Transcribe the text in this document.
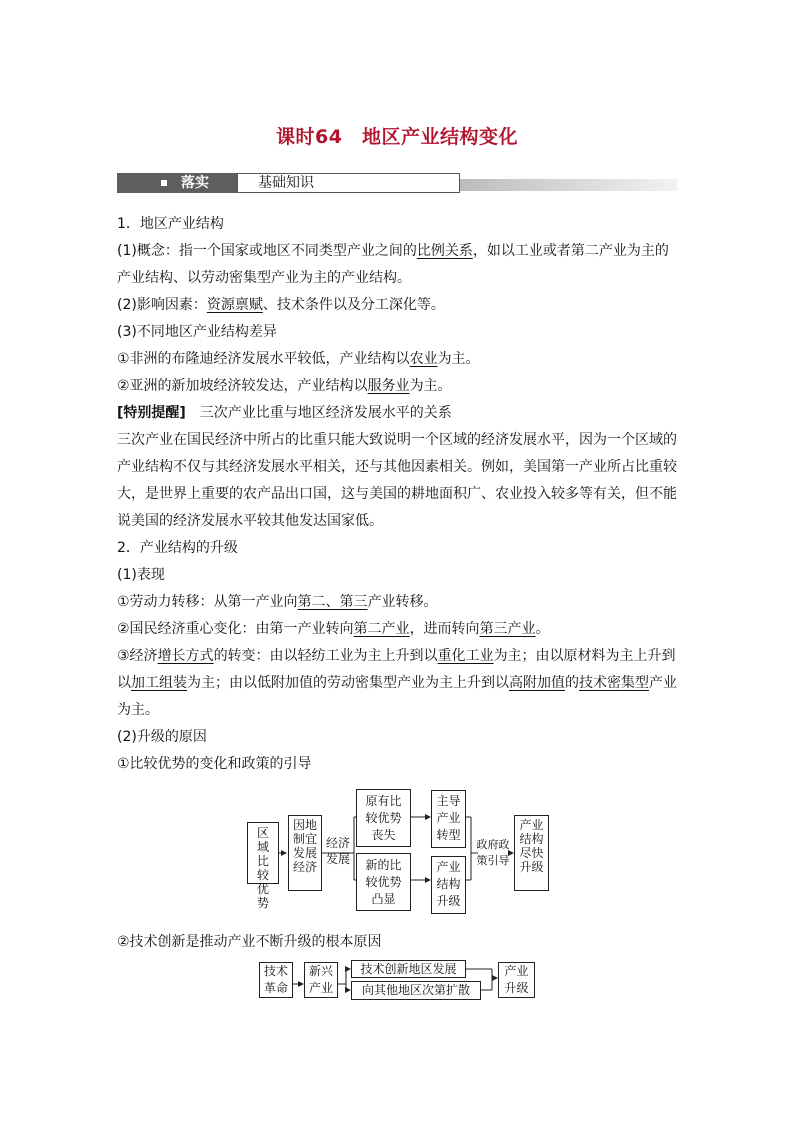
课时64　地区产业结构变化
落实	基础知识

1．地区产业结构

(1)概念：指一个国家或地区不同类型产业之间的比例关系，如以工业或者第二产业为主的产业结构、以劳动密集型产业为主的产业结构。

(2)影响因素：资源禀赋、技术条件以及分工深化等。

(3)不同地区产业结构差异

①非洲的布隆迪经济发展水平较低，产业结构以农业为主。

②亚洲的新加坡经济较发达，产业结构以服务业为主。

[特别提醒]　三次产业比重与地区经济发展水平的关系

三次产业在国民经济中所占的比重只能大致说明一个区域的经济发展水平，因为一个区域的产业结构不仅与其经济发展水平相关，还与其他因素相关。例如，美国第一产业所占比重较大，是世界上重要的农产品出口国，这与美国的耕地面积广、农业投入较多等有关，但不能说美国的经济发展水平较其他发达国家低。

2．产业结构的升级

(1)表现

①劳动力转移：从第一产业向第二、第三产业转移。

②国民经济重心变化：由第一产业转向第二产业，进而转向第三产业。

③经济增长方式的转变：由以轻纺工业为主上升到以重化工业为主；由以原材料为主上升到以加工组装为主；由以低附加值的劳动密集型产业为主上升到以高附加值的技术密集型产业为主。

(2)升级的原因

①比较优势的变化和政策的引导

区域比较优势
因地制宜发展经济
经济发展
原有比较优势丧失
新的比较优势凸显
主导产业转型
产业结构升级
政府政策引导
产业结构尽快升级
②技术创新是推动产业不断升级的根本原因
技术革命
新兴产业
技术创新地区发展
向其他地区次第扩散
产业升级
